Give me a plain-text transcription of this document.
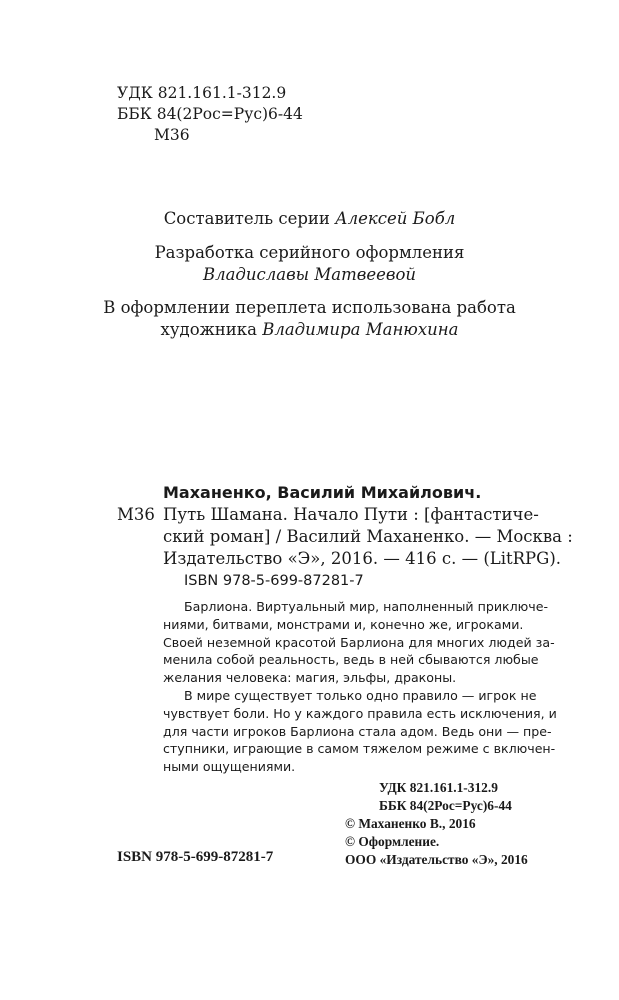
УДК 821.161.1-312.9
ББК 84(2Рос=Рус)6-44
М36
Составитель серии Алексей Бобл
Разработка серийного оформления
Владиславы Матвеевой
В оформлении переплета использована работа
художника Владимира Манюхина
Маханенко, Василий Михайлович.
М36 Путь Шамана. Начало Пути : [фантастиче-
ский роман] / Василий Маханенко. — Москва :
Издательство «Э», 2016. — 416 с. — (LitRPG).
ISBN 978-5-699-87281-7
Барлиона. Виртуальный мир, наполненный приключе-
ниями, битвами, монстрами и, конечно же, игроками.
Своей неземной красотой Барлиона для многих людей за-
менила собой реальность, ведь в ней сбываются любые
желания человека: магия, эльфы, драконы.
В мире существует только одно правило — игрок не
чувствует боли. Но у каждого правила есть исключения, и
для части игроков Барлиона стала адом. Ведь они — пре-
ступники, играющие в самом тяжелом режиме с включен-
ными ощущениями.
УДК 821.161.1-312.9
ББК 84(2Рос=Рус)6-44
© Маханенко В., 2016
© Оформление.
ООО «Издательство «Э», 2016
ISBN 978-5-699-87281-7
